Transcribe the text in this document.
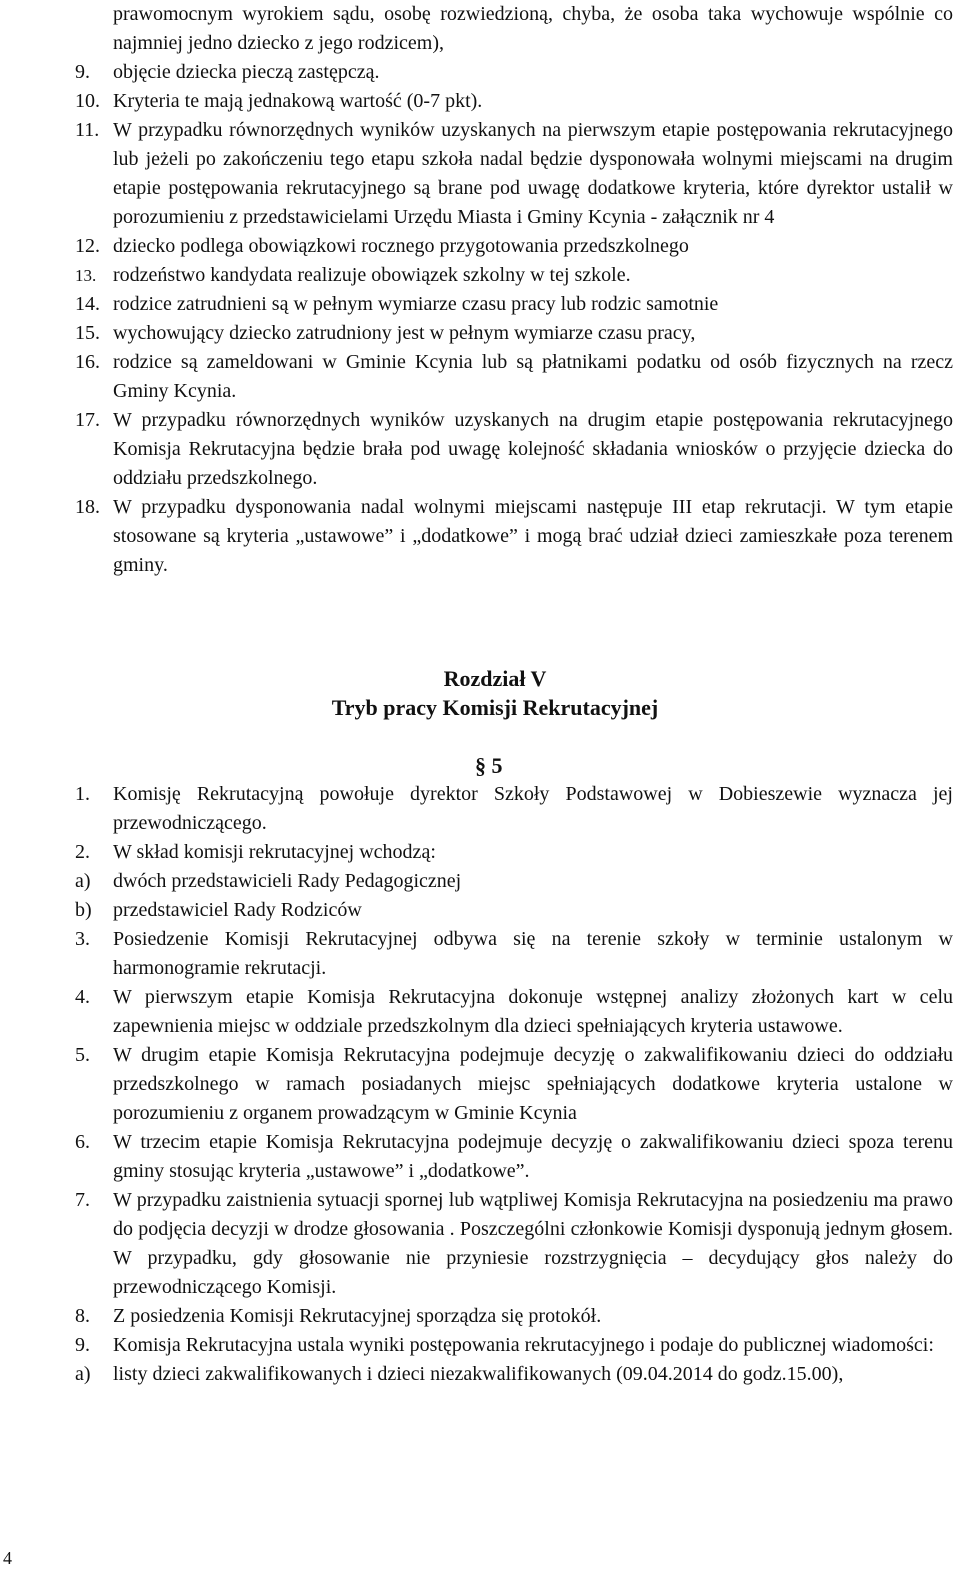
prawomocnym wyrokiem sądu, osobę rozwiedzioną, chyba, że osoba taka wychowuje wspólnie co najmniej jedno dziecko z jego rodzicem),
9.	objęcie dziecka pieczą zastępczą.
10. Kryteria te mają jednakową wartość (0-7 pkt).
11. W przypadku równorzędnych wyników uzyskanych na pierwszym etapie postępowania rekrutacyjnego lub jeżeli po zakończeniu tego etapu szkoła nadal będzie dysponowała wolnymi miejscami na drugim etapie postępowania rekrutacyjnego są brane pod uwagę dodatkowe kryteria, które dyrektor ustalił w porozumieniu z przedstawicielami Urzędu Miasta i Gminy Kcynia - załącznik nr 4
12. dziecko podlega obowiązkowi rocznego przygotowania przedszkolnego
13. rodzeństwo kandydata realizuje obowiązek szkolny w tej szkole.
14. rodzice zatrudnieni są w pełnym wymiarze czasu pracy lub rodzic samotnie
15. wychowujący dziecko zatrudniony jest w pełnym wymiarze czasu pracy,
16. rodzice są zameldowani w Gminie Kcynia lub są płatnikami podatku od osób fizycznych na rzecz Gminy Kcynia.
17. W przypadku równorzędnych wyników uzyskanych na drugim etapie postępowania rekrutacyjnego Komisja Rekrutacyjna będzie brała pod uwagę kolejność składania wniosków o przyjęcie dziecka do oddziału przedszkolnego.
18. W przypadku dysponowania nadal wolnymi miejscami następuje III etap rekrutacji. W tym etapie stosowane są kryteria „ustawowe” i „dodatkowe” i mogą brać udział dzieci zamieszkałe poza terenem gminy.
Rozdział V
Tryb pracy Komisji Rekrutacyjnej
§ 5
1.	Komisję Rekrutacyjną powołuje dyrektor Szkoły Podstawowej w Dobieszewie wyznacza jej przewodniczącego.
2.	W skład komisji rekrutacyjnej wchodzą:
a)	dwóch przedstawicieli Rady Pedagogicznej
b)	przedstawiciel Rady Rodziców
3.	Posiedzenie Komisji Rekrutacyjnej odbywa się na terenie szkoły w terminie ustalonym w harmonogramie rekrutacji.
4.	W pierwszym etapie Komisja Rekrutacyjna dokonuje wstępnej analizy złożonych kart w celu zapewnienia miejsc w oddziale przedszkolnym dla dzieci spełniających kryteria ustawowe.
5.	W drugim etapie Komisja Rekrutacyjna podejmuje decyzję o zakwalifikowaniu dzieci do oddziału przedszkolnego w ramach posiadanych miejsc spełniających dodatkowe kryteria ustalone w porozumieniu z organem prowadzącym w Gminie Kcynia
6.	W trzecim etapie Komisja Rekrutacyjna podejmuje decyzję o zakwalifikowaniu dzieci spoza terenu gminy stosując kryteria „ustawowe” i „dodatkowe”.
7.	W przypadku zaistnienia sytuacji spornej lub wątpliwej Komisja Rekrutacyjna na posiedzeniu ma prawo do podjęcia decyzji w drodze głosowania . Poszczególni członkowie Komisji dysponują jednym głosem. W przypadku, gdy głosowanie nie przyniesie rozstrzygnięcia – decydujący głos należy do przewodniczącego Komisji.
8.	Z posiedzenia Komisji Rekrutacyjnej sporządza się protokół.
9.	Komisja Rekrutacyjna ustala wyniki postępowania rekrutacyjnego i podaje do publicznej wiadomości:
a)	listy dzieci zakwalifikowanych i dzieci niezakwalifikowanych (09.04.2014 do godz.15.00),
4
